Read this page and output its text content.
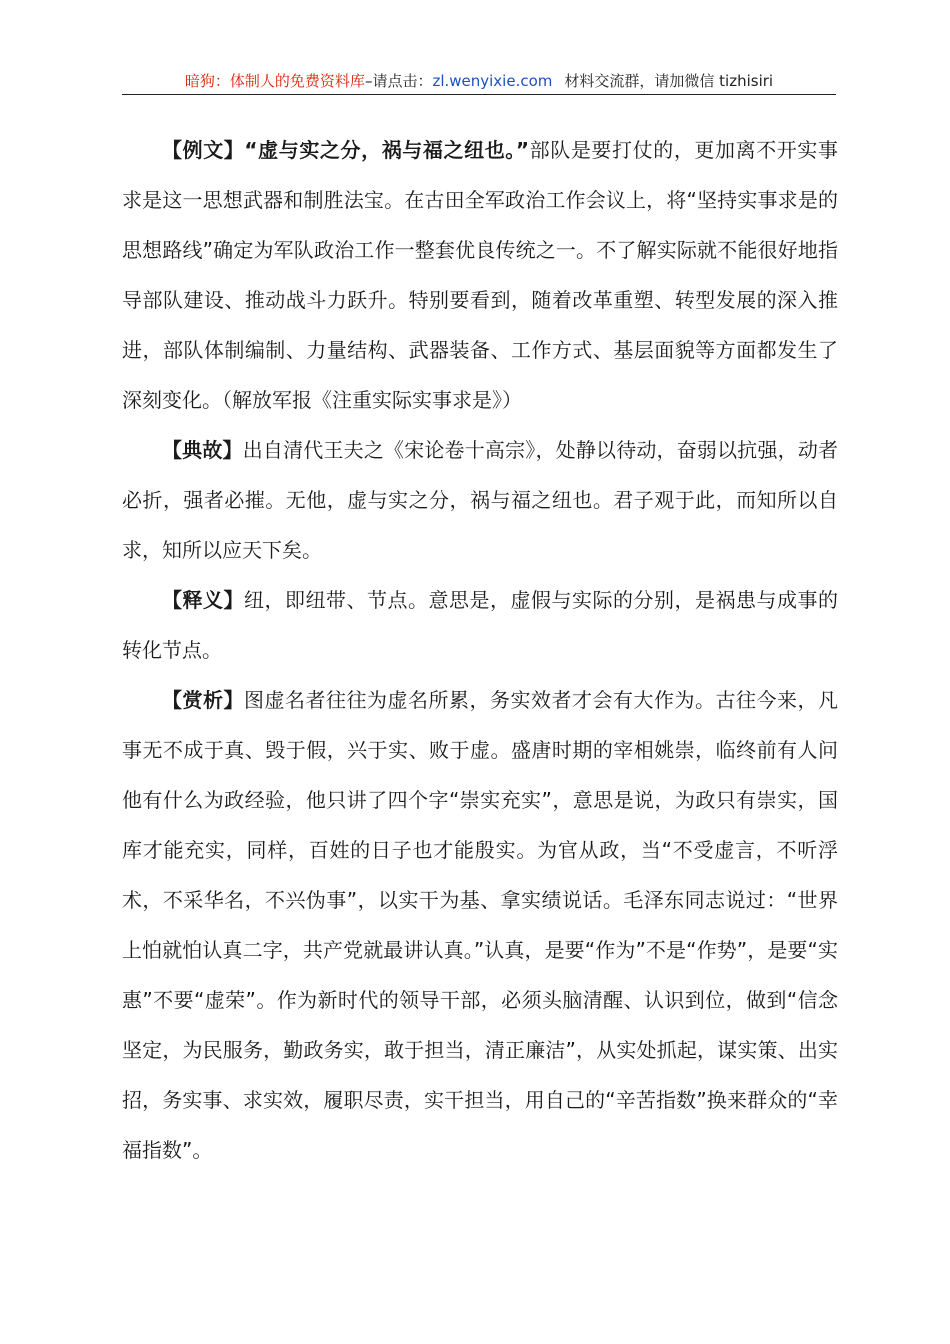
暗狗：体制人的免费资料库–请点击：zl.wenyixie.com 材料交流群，请加微信 tizhisiri

【例文】“虚与实之分，祸与福之纽也。”部队是要打仗的，更加离不开实事求是这一思想武器和制胜法宝。在古田全军政治工作会议上，将“坚持实事求是的思想路线”确定为军队政治工作一整套优良传统之一。不了解实际就不能很好地指导部队建设、推动战斗力跃升。特别要看到，随着改革重塑、转型发展的深入推进，部队体制编制、力量结构、武器装备、工作方式、基层面貌等方面都发生了深刻变化。（解放军报《注重实际实事求是》）

【典故】出自清代王夫之《宋论卷十高宗》，处静以待动，奋弱以抗强，动者必折，强者必摧。无他，虚与实之分，祸与福之纽也。君子观于此，而知所以自求，知所以应天下矣。

【释义】纽，即纽带、节点。意思是，虚假与实际的分别，是祸患与成事的转化节点。

【赏析】图虚名者往往为虚名所累，务实效者才会有大作为。古往今来，凡事无不成于真、毁于假，兴于实、败于虚。盛唐时期的宰相姚崇，临终前有人问他有什么为政经验，他只讲了四个字“崇实充实”，意思是说，为政只有崇实，国库才能充实，同样，百姓的日子也才能殷实。为官从政，当“不受虚言，不听浮术，不采华名，不兴伪事”，以实干为基、拿实绩说话。毛泽东同志说过：“世界上怕就怕认真二字，共产党就最讲认真。”认真，是要“作为”不是“作势”，是要“实惠”不要“虚荣”。作为新时代的领导干部，必须头脑清醒、认识到位，做到“信念坚定，为民服务，勤政务实，敢于担当，清正廉洁”，从实处抓起，谋实策、出实招，务实事、求实效，履职尽责，实干担当，用自己的“辛苦指数”换来群众的“幸福指数”。
